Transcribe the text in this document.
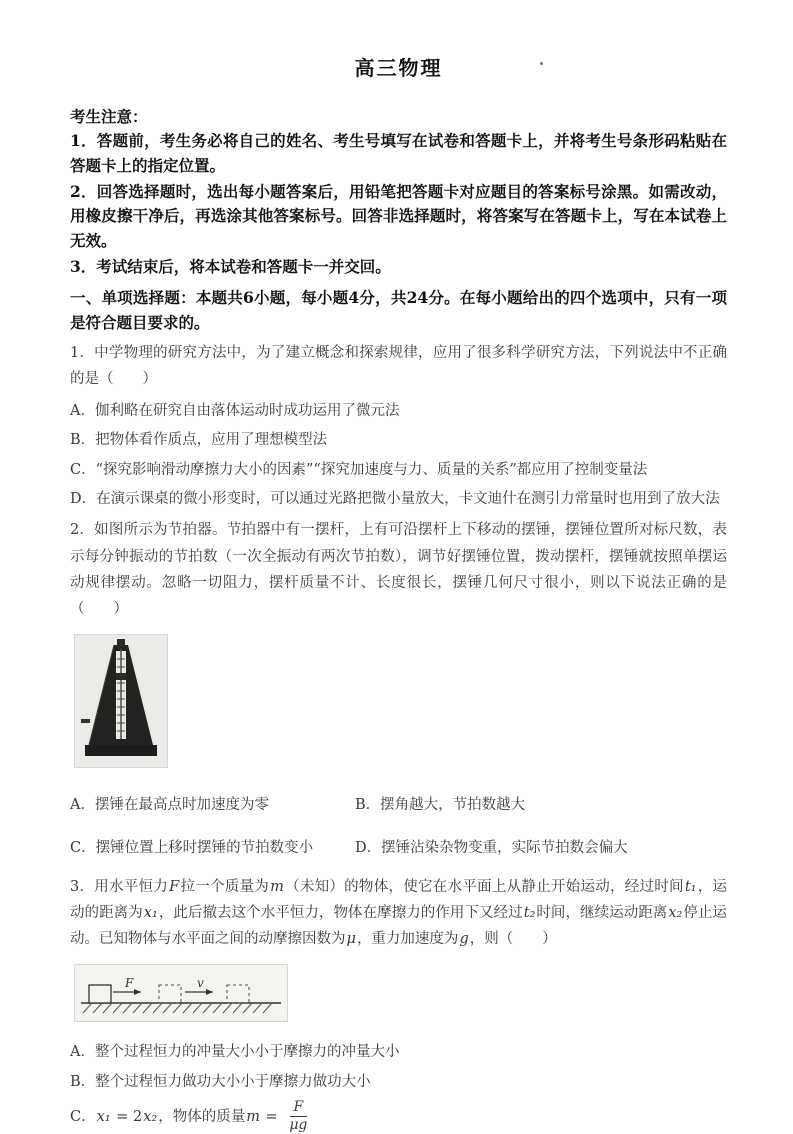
高三物理

考生注意：

1．答题前，考生务必将自己的姓名、考生号填写在试卷和答题卡上，并将考生号条形码粘贴在答题卡上的指定位置。

2．回答选择题时，选出每小题答案后，用铅笔把答题卡对应题目的答案标号涂黑。如需改动，用橡皮擦干净后，再选涂其他答案标号。回答非选择题时，将答案写在答题卡上，写在本试卷上无效。

3．考试结束后，将本试卷和答题卡一并交回。

一、单项选择题：本题共6小题，每小题4分，共24分。在每小题给出的四个选项中，只有一项是符合题目要求的。

1．中学物理的研究方法中，为了建立概念和探索规律，应用了很多科学研究方法，下列说法中不正确的是（　　）

A．伽利略在研究自由落体运动时成功运用了微元法

B．把物体看作质点，应用了理想模型法

C．“探究影响滑动摩擦力大小的因素”“探究加速度与力、质量的关系”都应用了控制变量法

D．在演示课桌的微小形变时，可以通过光路把微小量放大，卡文迪什在测引力常量时也用到了放大法

2．如图所示为节拍器。节拍器中有一摆杆，上有可沿摆杆上下移动的摆锤，摆锤位置所对标尺数，表示每分钟振动的节拍数（一次全振动有两次节拍数），调节好摆锤位置，拨动摆杆，摆锤就按照单摆运动规律摆动。忽略一切阻力，摆杆质量不计、长度很长，摆锤几何尺寸很小，则以下说法正确的是（　　）

A．摆锤在最高点时加速度为零	B．摆角越大，节拍数越大
C．摆锤位置上移时摆锤的节拍数变小	D．摆锤沾染杂物变重，实际节拍数会偏大

3．用水平恒力F拉一个质量为m（未知）的物体，使它在水平面上从静止开始运动，经过时间t₁，运动的距离为x₁，此后撤去这个水平恒力，物体在摩擦力的作用下又经过t₂时间，继续运动距离x₂停止运动。已知物体与水平面之间的动摩擦因数为μ，重力加速度为g，则（　　）

F	v

A．整个过程恒力的冲量大小小于摩擦力的冲量大小

B．整个过程恒力做功大小小于摩擦力做功大小

C．x₁ = 2x₂，物体的质量$m = \frac{F}{\mu g}$
